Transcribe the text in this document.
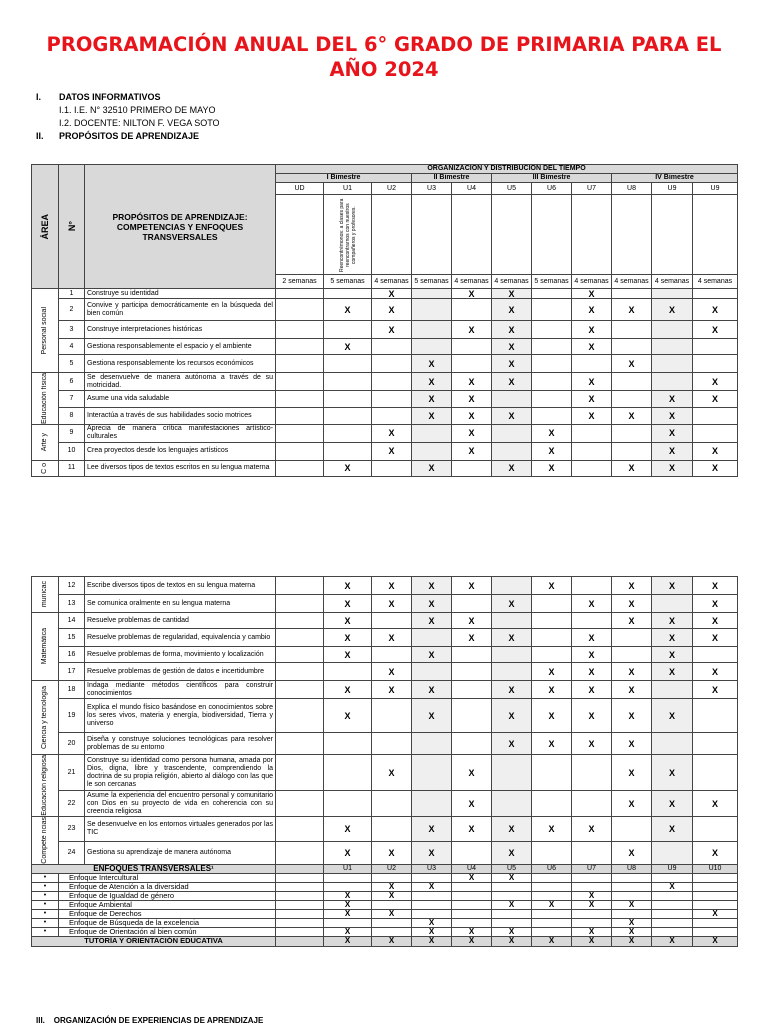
PROGRAMACIÓN ANUAL DEL 6° GRADO DE PRIMARIA PARA EL AÑO 2024
I. DATOS INFORMATIVOS
I.1. I.E. N° 32510 PRIMERO DE MAYO
I.2. DOCENTE: NILTON F. VEGA SOTO
II. PROPÓSITOS DE APRENDIZAJE
ÁREA	N°	PROPÓSITOS DE APRENDIZAJE: COMPETENCIAS Y ENFOQUES TRANSVERSALES	ORGANIZACIÓN Y DISTRIBUCIÓN DEL TIEMPO										
			I Bimestre			II Bimestre		III Bimestre			IV Bimestre		
			UD	U1	U2	U3	U4	U5	U6	U7	U8	U9	U9

				Reencontrémonos: a clases para reencontrarnos con nuestros compañeros y profesores.									

			2 semanas	5 semanas	4 semanas	5 semanas	4 semanas	4 semanas	5 semanas	4 semanas	4 semanas	4 semanas	4 semanas

Personal social	1	Construye su identidad			X		X	X		X			
	2	Convive y participa democráticamente en la búsqueda del bien común		X	X			X		X	X	X	X
	3	Construye interpretaciones históricas			X		X	X		X			X
	4	Gestiona responsablemente el espacio y el ambiente		X				X		X			
	5	Gestiona responsablemente los recursos económicos				X		X			X		

Educación física	6	Se desenvuelve de manera autónoma a través de su motricidad.				X	X	X		X			X
	7	Asume una vida saludable				X	X			X		X	X
	8	Interactúa a través de sus habilidades socio motrices				X	X	X		X	X	X	

Arte y	9	Aprecia de manera crítica manifestaciones artístico-culturales			X		X		X			X	
	10	Crea proyectos desde los lenguajes artísticos			X		X		X			X	X

C o	11	Lee diversos tipos de textos escritos en su lengua materna		X		X		X	X		X	X	X
municac	12	Escribe diversos tipos de textos en su lengua materna		X	X	X	X		X		X	X	X
	13	Se comunica oralmente en su lengua materna		X	X	X		X		X	X		X

Matemática	14	Resuelve problemas de cantidad		X		X	X				X	X	X
	15	Resuelve problemas de regularidad, equivalencia y cambio		X	X		X	X		X		X	X
	16	Resuelve problemas de forma, movimiento y localización		X		X				X		X	
	17	Resuelve problemas de gestión de datos e incertidumbre			X				X	X	X	X	X

Ciencia y tecnología	18	Indaga mediante métodos científicos para construir conocimientos		X	X	X		X	X	X	X		X
	19	Explica el mundo físico basándose en conocimientos sobre los seres vivos, materia y energía, biodiversidad, Tierra y universo		X		X		X	X	X	X	X	
	20	Diseña y construye soluciones tecnológicas para resolver problemas de su entorno						X	X	X	X		

Educación religiosa	21	Construye su identidad como persona humana, amada por Dios, digna, libre y trascendente, comprendiendo la doctrina de su propia religión, abierto al diálogo con las que le son cercanas			X		X				X	X	
	22	Asume la experiencia del encuentro personal y comunitario con Dios en su proyecto de vida en coherencia con su creencia religiosa					X				X	X	X

Compete ncias	23	Se desenvuelve en los entornos virtuales generados por las TIC		X		X	X	X	X	X		X	
	24	Gestiona su aprendizaje de manera autónoma		X	X	X		X			X		X
ENFOQUES TRANSVERSALES¹				U1	U2	U3	U4	U5	U6	U7	U8	U9	U10
•	Enfoque Intercultural						X	X					
•	Enfoque de Atención a la diversidad				X	X						X	
•	Enfoque de Igualdad de género			X	X					X			
•	Enfoque Ambiental			X				X	X	X	X		
•	Enfoque de Derechos			X	X								X
•	Enfoque de Búsqueda de la excelencia					X					X		
•	Enfoque de Orientación al bien común			X		X	X	X		X	X		
TUTORÍA Y ORIENTACIÓN EDUCATIVA				X	X	X	X	X	X	X	X	X	X
III. ORGANIZACIÓN DE EXPERIENCIAS DE APRENDIZAJE
